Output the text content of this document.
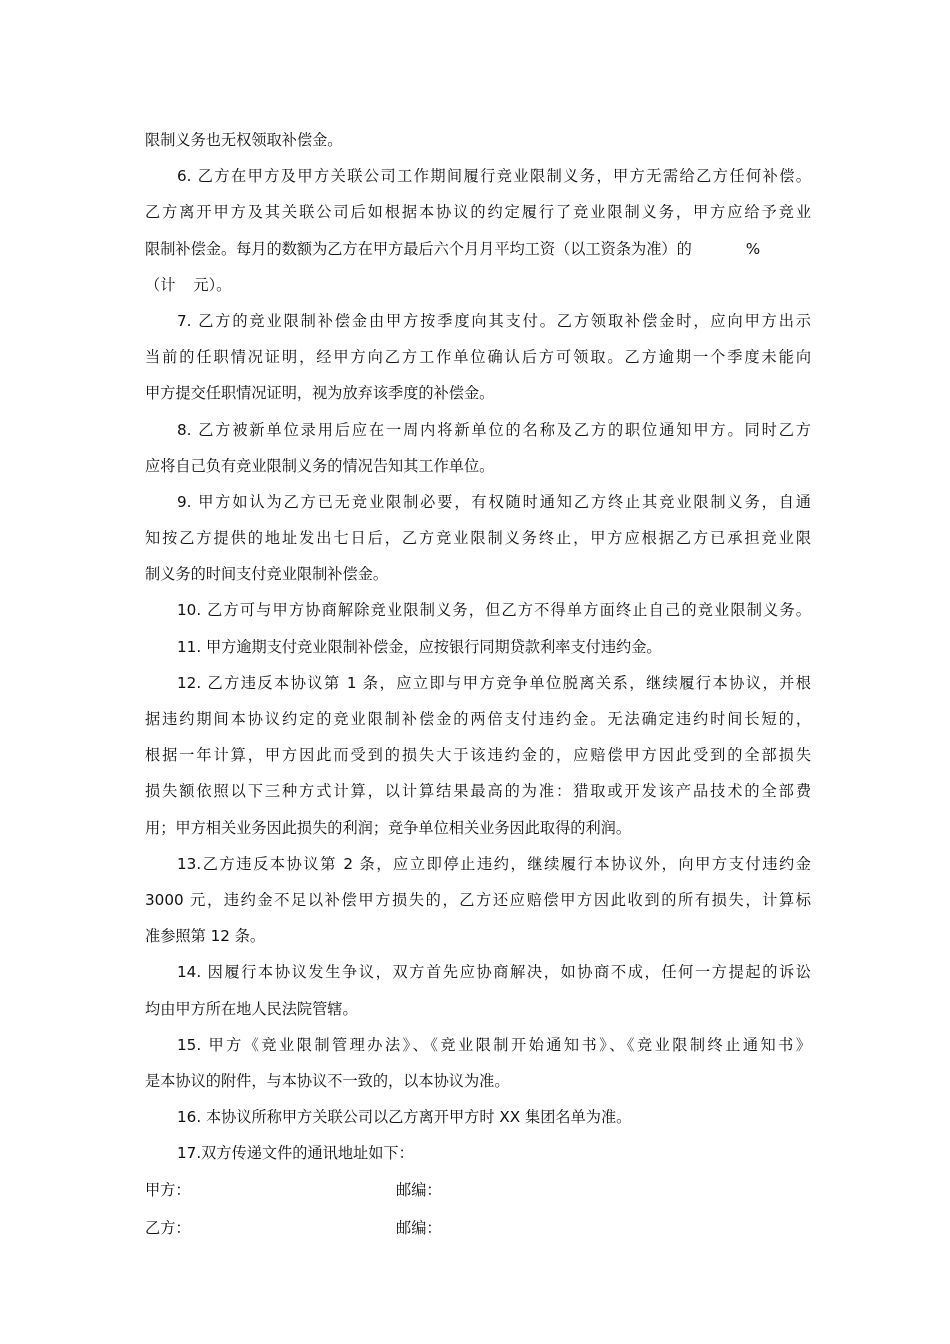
限制义务也无权领取补偿金。
6. 乙方在甲方及甲方关联公司工作期间履行竞业限制义务，甲方无需给乙方任何补偿。
乙方离开甲方及其关联公司后如根据本协议的约定履行了竞业限制义务，甲方应给予竞业
限制补偿金。每月的数额为乙方在甲方最后六个月月平均工资（以工资条为准）的	%
（计 元）。
7. 乙方的竞业限制补偿金由甲方按季度向其支付。乙方领取补偿金时，应向甲方出示
当前的任职情况证明，经甲方向乙方工作单位确认后方可领取。乙方逾期一个季度未能向
甲方提交任职情况证明，视为放弃该季度的补偿金。
8. 乙方被新单位录用后应在一周内将新单位的名称及乙方的职位通知甲方。同时乙方
应将自己负有竞业限制义务的情况告知其工作单位。
9. 甲方如认为乙方已无竞业限制必要，有权随时通知乙方终止其竞业限制义务，自通
知按乙方提供的地址发出七日后，乙方竞业限制义务终止，甲方应根据乙方已承担竞业限
制义务的时间支付竞业限制补偿金。
10. 乙方可与甲方协商解除竞业限制义务，但乙方不得单方面终止自己的竞业限制义务。
11. 甲方逾期支付竞业限制补偿金，应按银行同期贷款利率支付违约金。
12. 乙方违反本协议第 1 条，应立即与甲方竞争单位脱离关系，继续履行本协议，并根
据违约期间本协议约定的竞业限制补偿金的两倍支付违约金。无法确定违约时间长短的，
根据一年计算，甲方因此而受到的损失大于该违约金的，应赔偿甲方因此受到的全部损失
损失额依照以下三种方式计算，以计算结果最高的为准：猎取或开发该产品技术的全部费
用；甲方相关业务因此损失的利润；竞争单位相关业务因此取得的利润。
13.乙方违反本协议第 2 条，应立即停止违约，继续履行本协议外，向甲方支付违约金
3000 元，违约金不足以补偿甲方损失的，乙方还应赔偿甲方因此收到的所有损失，计算标
准参照第 12 条。
14. 因履行本协议发生争议，双方首先应协商解决，如协商不成，任何一方提起的诉讼
均由甲方所在地人民法院管辖。
15. 甲方《竞业限制管理办法》、《竞业限制开始通知书》、《竞业限制终止通知书》
是本协议的附件，与本协议不一致的，以本协议为准。
16. 本协议所称甲方关联公司以乙方离开甲方时 XX 集团名单为准。
17.双方传递文件的通讯地址如下：
甲方：	邮编：
乙方：	邮编：
